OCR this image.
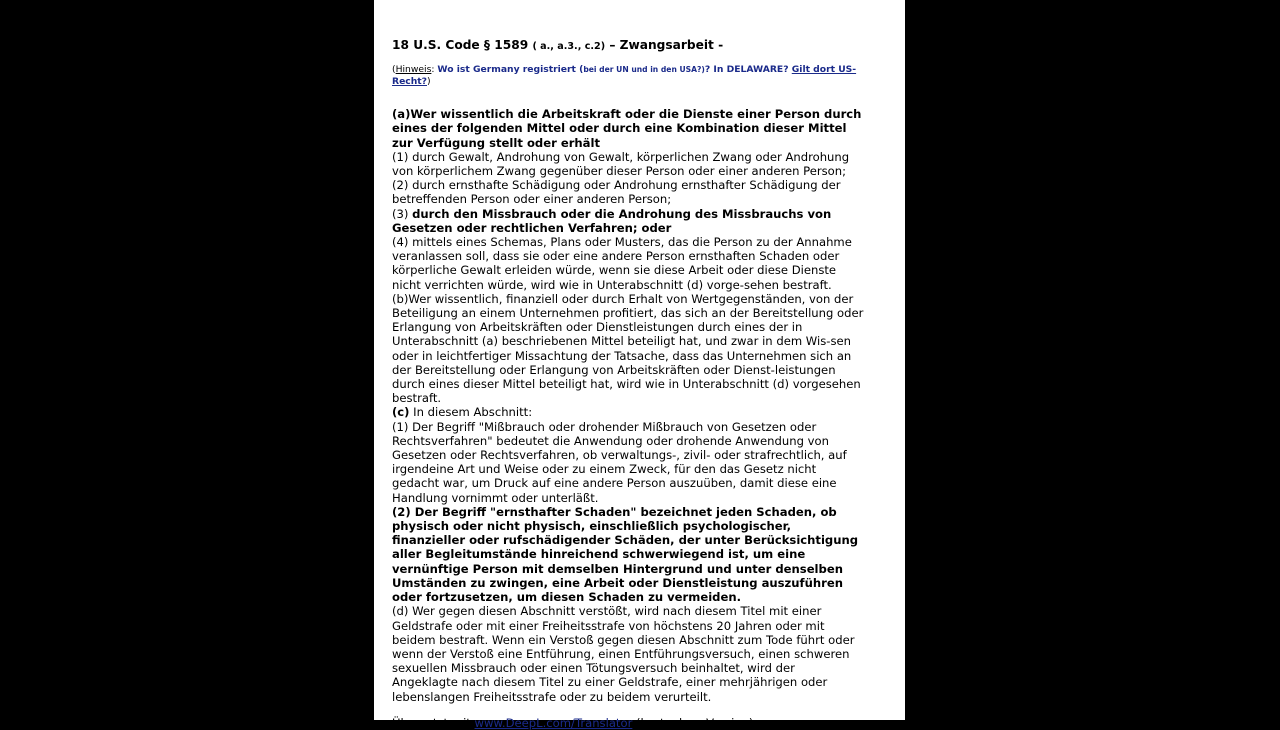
18 U.S. Code § 1589 ( a., a.3., c.2) – Zwangsarbeit -

(Hinweis: Wo ist Germany registriert (bei der UN und in den USA?)? In DELAWARE? Gilt dort US-Recht?)

(a)Wer wissentlich die Arbeitskraft oder die Dienste einer Person durch eines der folgenden Mittel oder durch eine Kombination dieser Mittel zur Verfügung stellt oder erhält

(1) durch Gewalt, Androhung von Gewalt, körperlichen Zwang oder Androhung von körperlichem Zwang gegenüber dieser Person oder einer anderen Person;

(2) durch ernsthafte Schädigung oder Androhung ernsthafter Schädigung der betreffenden Person oder einer anderen Person;

(3) durch den Missbrauch oder die Androhung des Missbrauchs von Gesetzen oder rechtlichen Verfahren; oder

(4) mittels eines Schemas, Plans oder Musters, das die Person zu der Annahme veranlassen soll, dass sie oder eine andere Person ernsthaften Schaden oder körperliche Gewalt erleiden würde, wenn sie diese Arbeit oder diese Dienste nicht verrichten würde, wird wie in Unterabschnitt (d) vorge-sehen bestraft.

(b)Wer wissentlich, finanziell oder durch Erhalt von Wertgegenständen, von der Beteiligung an einem Unternehmen profitiert, das sich an der Bereitstellung oder Erlangung von Arbeitskräften oder Dienstleistungen durch eines der in Unterabschnitt (a) beschriebenen Mittel beteiligt hat, und zwar in dem Wis-sen oder in leichtfertiger Missachtung der Tatsache, dass das Unternehmen sich an der Bereitstellung oder Erlangung von Arbeitskräften oder Dienst-leistungen durch eines dieser Mittel beteiligt hat, wird wie in Unterabschnitt (d) vorgesehen bestraft.

(c) In diesem Abschnitt:

(1) Der Begriff "Mißbrauch oder drohender Mißbrauch von Gesetzen oder Rechtsverfahren" bedeutet die Anwendung oder drohende Anwendung von Gesetzen oder Rechtsverfahren, ob verwaltungs-, zivil- oder strafrechtlich, auf irgendeine Art und Weise oder zu einem Zweck, für den das Gesetz nicht gedacht war, um Druck auf eine andere Person auszuüben, damit diese eine Handlung vornimmt oder unterläßt.

(2) Der Begriff "ernsthafter Schaden" bezeichnet jeden Schaden, ob physisch oder nicht physisch, einschließlich psychologischer, finanzieller oder rufschädigender Schäden, der unter Berücksichtigung aller Begleitumstände hinreichend schwerwiegend ist, um eine vernünftige Person mit demselben Hintergrund und unter denselben Umständen zu zwingen, eine Arbeit oder Dienstleistung auszuführen oder fortzusetzen, um diesen Schaden zu vermeiden.

(d) Wer gegen diesen Abschnitt verstößt, wird nach diesem Titel mit einer Geldstrafe oder mit einer Freiheitsstrafe von höchstens 20 Jahren oder mit beidem bestraft. Wenn ein Verstoß gegen diesen Abschnitt zum Tode führt oder wenn der Verstoß eine Entführung, einen Entführungsversuch, einen schweren sexuellen Missbrauch oder einen Tötungsversuch beinhaltet, wird der Angeklagte nach diesem Titel zu einer Geldstrafe, einer mehrjährigen oder lebenslangen Freiheitsstrafe oder zu beidem verurteilt.

Übersetzt mit www.DeepL.com/Translator (kostenlose Version).
